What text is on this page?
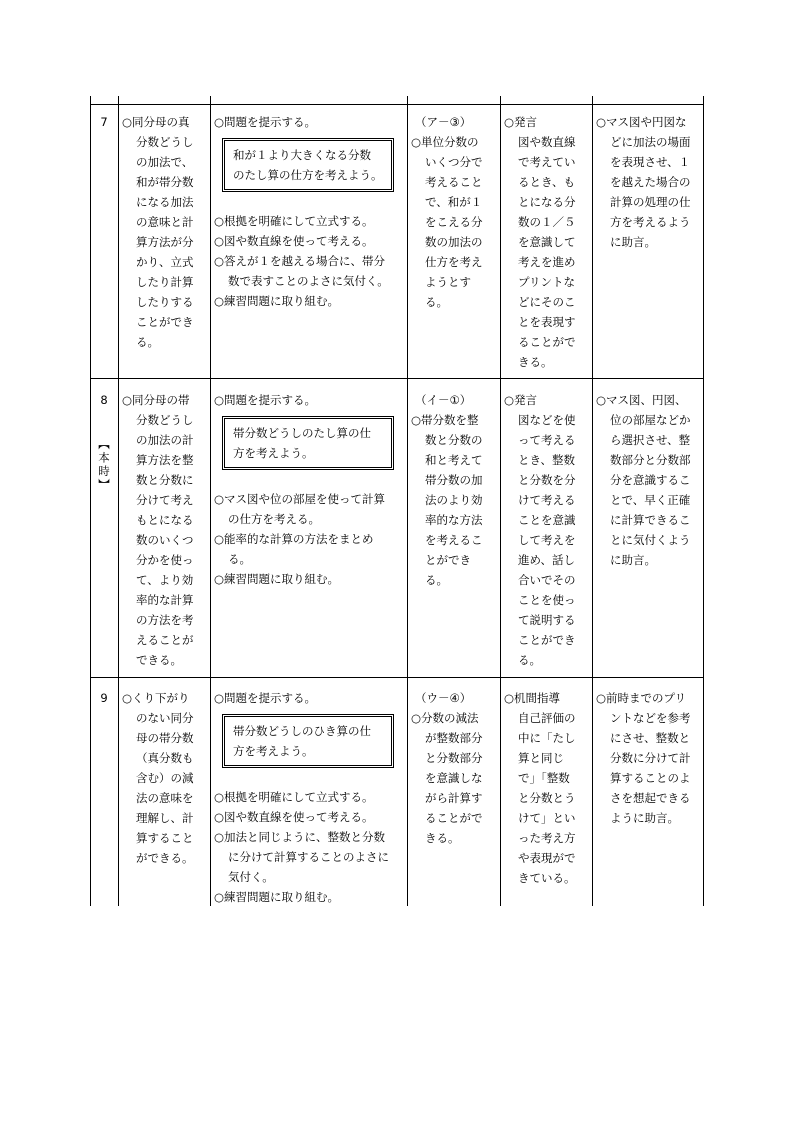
7	○同分母の真
分数どうし
の加法で、
和が帯分数
になる加法
の意味と計
算方法が分
かり、立式
したり計算
したりする
ことができ
る。
○問題を提示する。
和が１より大きくなる分数
のたし算の仕方を考えよう。
○根拠を明確にして立式する。
○図や数直線を使って考える。
○答えが１を越える場合に、帯分
数で表すことのよさに気付く。
○練習問題に取り組む。
（ア－③）
○単位分数の
いくつ分で
考えること
で、和が１
をこえる分
数の加法の
仕方を考え
ようとす
る。
○発言
図や数直線
で考えてい
るとき、も
とになる分
数の１／５
を意識して
考えを進め
プリントな
どにそのこ
とを表現す
ることがで
きる。
○マス図や円図な
どに加法の場面
を表現させ、１
を越えた場合の
計算の処理の仕
方を考えるよう
に助言。
8
【本時】
○同分母の帯
分数どうし
の加法の計
算方法を整
数と分数に
分けて考え
もとになる
数のいくつ
分かを使っ
て、より効
率的な計算
の方法を考
えることが
できる。
○問題を提示する。
帯分数どうしのたし算の仕
方を考えよう。
○マス図や位の部屋を使って計算
の仕方を考える。
○能率的な計算の方法をまとめ
る。
○練習問題に取り組む。
（イ－①）
○帯分数を整
数と分数の
和と考えて
帯分数の加
法のより効
率的な方法
を考えるこ
とができ
る。
○発言
図などを使
って考える
とき、整数
と分数を分
けて考える
ことを意識
して考えを
進め、話し
合いでその
ことを使っ
て説明する
ことができ
る。
○マス図、円図、
位の部屋などか
ら選択させ、整
数部分と分数部
分を意識するこ
とで、早く正確
に計算できるこ
とに気付くよう
に助言。
9	○くり下がり
のない同分
母の帯分数
（真分数も
含む）の減
法の意味を
理解し、計
算すること
ができる。
○問題を提示する。
帯分数どうしのひき算の仕
方を考えよう。
○根拠を明確にして立式する。
○図や数直線を使って考える。
○加法と同じように、整数と分数
に分けて計算することのよさに
気付く。
○練習問題に取り組む。
（ウ－④）
○分数の減法
が整数部分
と分数部分
を意識しな
がら計算す
ることがで
きる。
○机間指導
自己評価の
中に「たし
算と同じ
で」「整数
と分数とう
けて」とい
った考え方
や表現がで
きている。
○前時までのプリ
ントなどを参考
にさせ、整数と
分数に分けて計
算することのよ
さを想起できる
ように助言。
